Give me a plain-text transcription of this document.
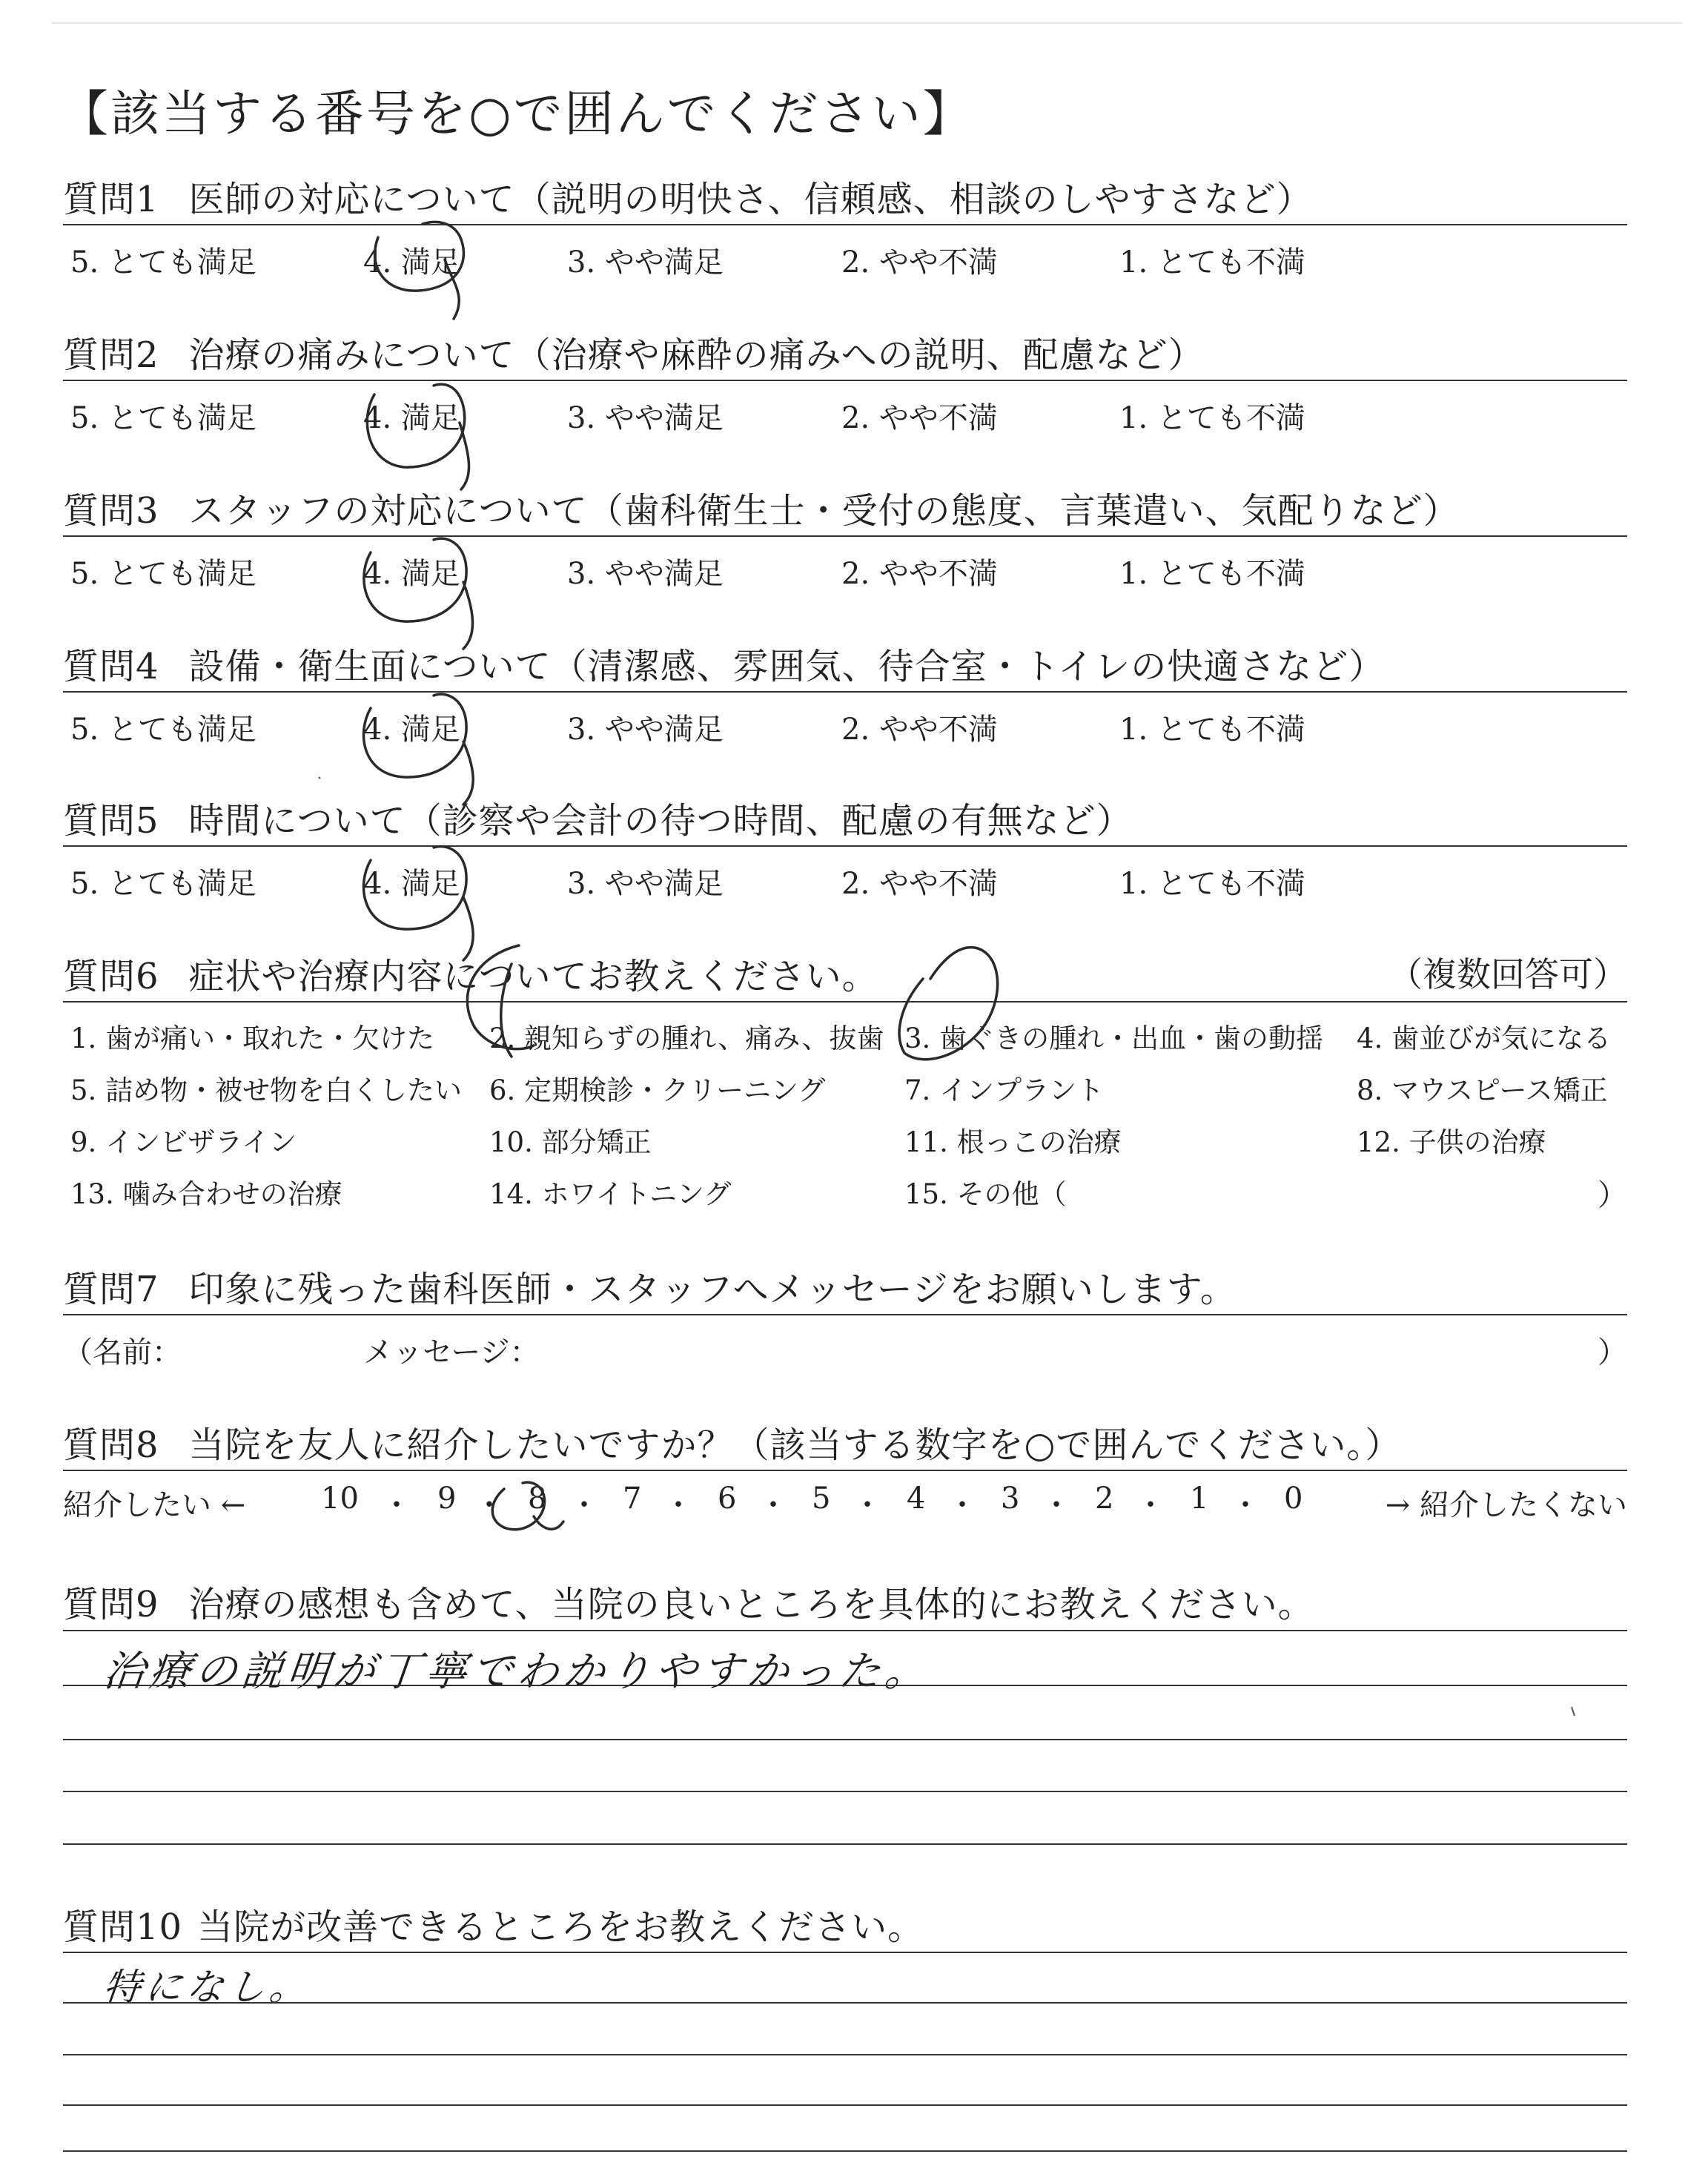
【該当する番号を○で囲んでください】
質問1 医師の対応について（説明の明快さ、信頼感、相談のしやすさなど）
5. とても満足	4. 満足	3. やや満足	2. やや不満	1. とても不満
質問2 治療の痛みについて（治療や麻酔の痛みへの説明、配慮など）
5. とても満足	4. 満足	3. やや満足	2. やや不満	1. とても不満
質問3 スタッフの対応について（歯科衛生士・受付の態度、言葉遣い、気配りなど）
5. とても満足	4. 満足	3. やや満足	2. やや不満	1. とても不満
質問4 設備・衛生面について（清潔感、雰囲気、待合室・トイレの快適さなど）
5. とても満足	4. 満足	3. やや満足	2. やや不満	1. とても不満
質問5 時間について（診察や会計の待つ時間、配慮の有無など）
5. とても満足	4. 満足	3. やや満足	2. やや不満	1. とても不満
質問6 症状や治療内容についてお教えください。	（複数回答可）
1. 歯が痛い・取れた・欠けた 2. 親知らずの腫れ、痛み、抜歯 3. 歯ぐきの腫れ・出血・歯の動揺 4. 歯並びが気になる
5. 詰め物・被せ物を白くしたい 6. 定期検診・クリーニング	7. インプラント	8. マウスピース矯正
9. インビザライン	10. 部分矯正	11. 根っこの治療	12. 子供の治療
13. 噛み合わせの治療	14. ホワイトニング	15. その他（	）
質問7 印象に残った歯科医師・スタッフへメッセージをお願いします。
（名前：	メッセージ：	）
質問8 当院を友人に紹介したいですか？（該当する数字を○で囲んでください。）
紹介したい ←	10 ・ 9 ・ 8 ・ 7 ・ 6 ・ 5 ・ 4 ・ 3 ・ 2 ・ 1 ・ 0	→ 紹介したくない
質問9 治療の感想も含めて、当院の良いところを具体的にお教えください。
治療の説明が丁寧でわかりやすかった。
質問10 当院が改善できるところをお教えください。
特になし。
